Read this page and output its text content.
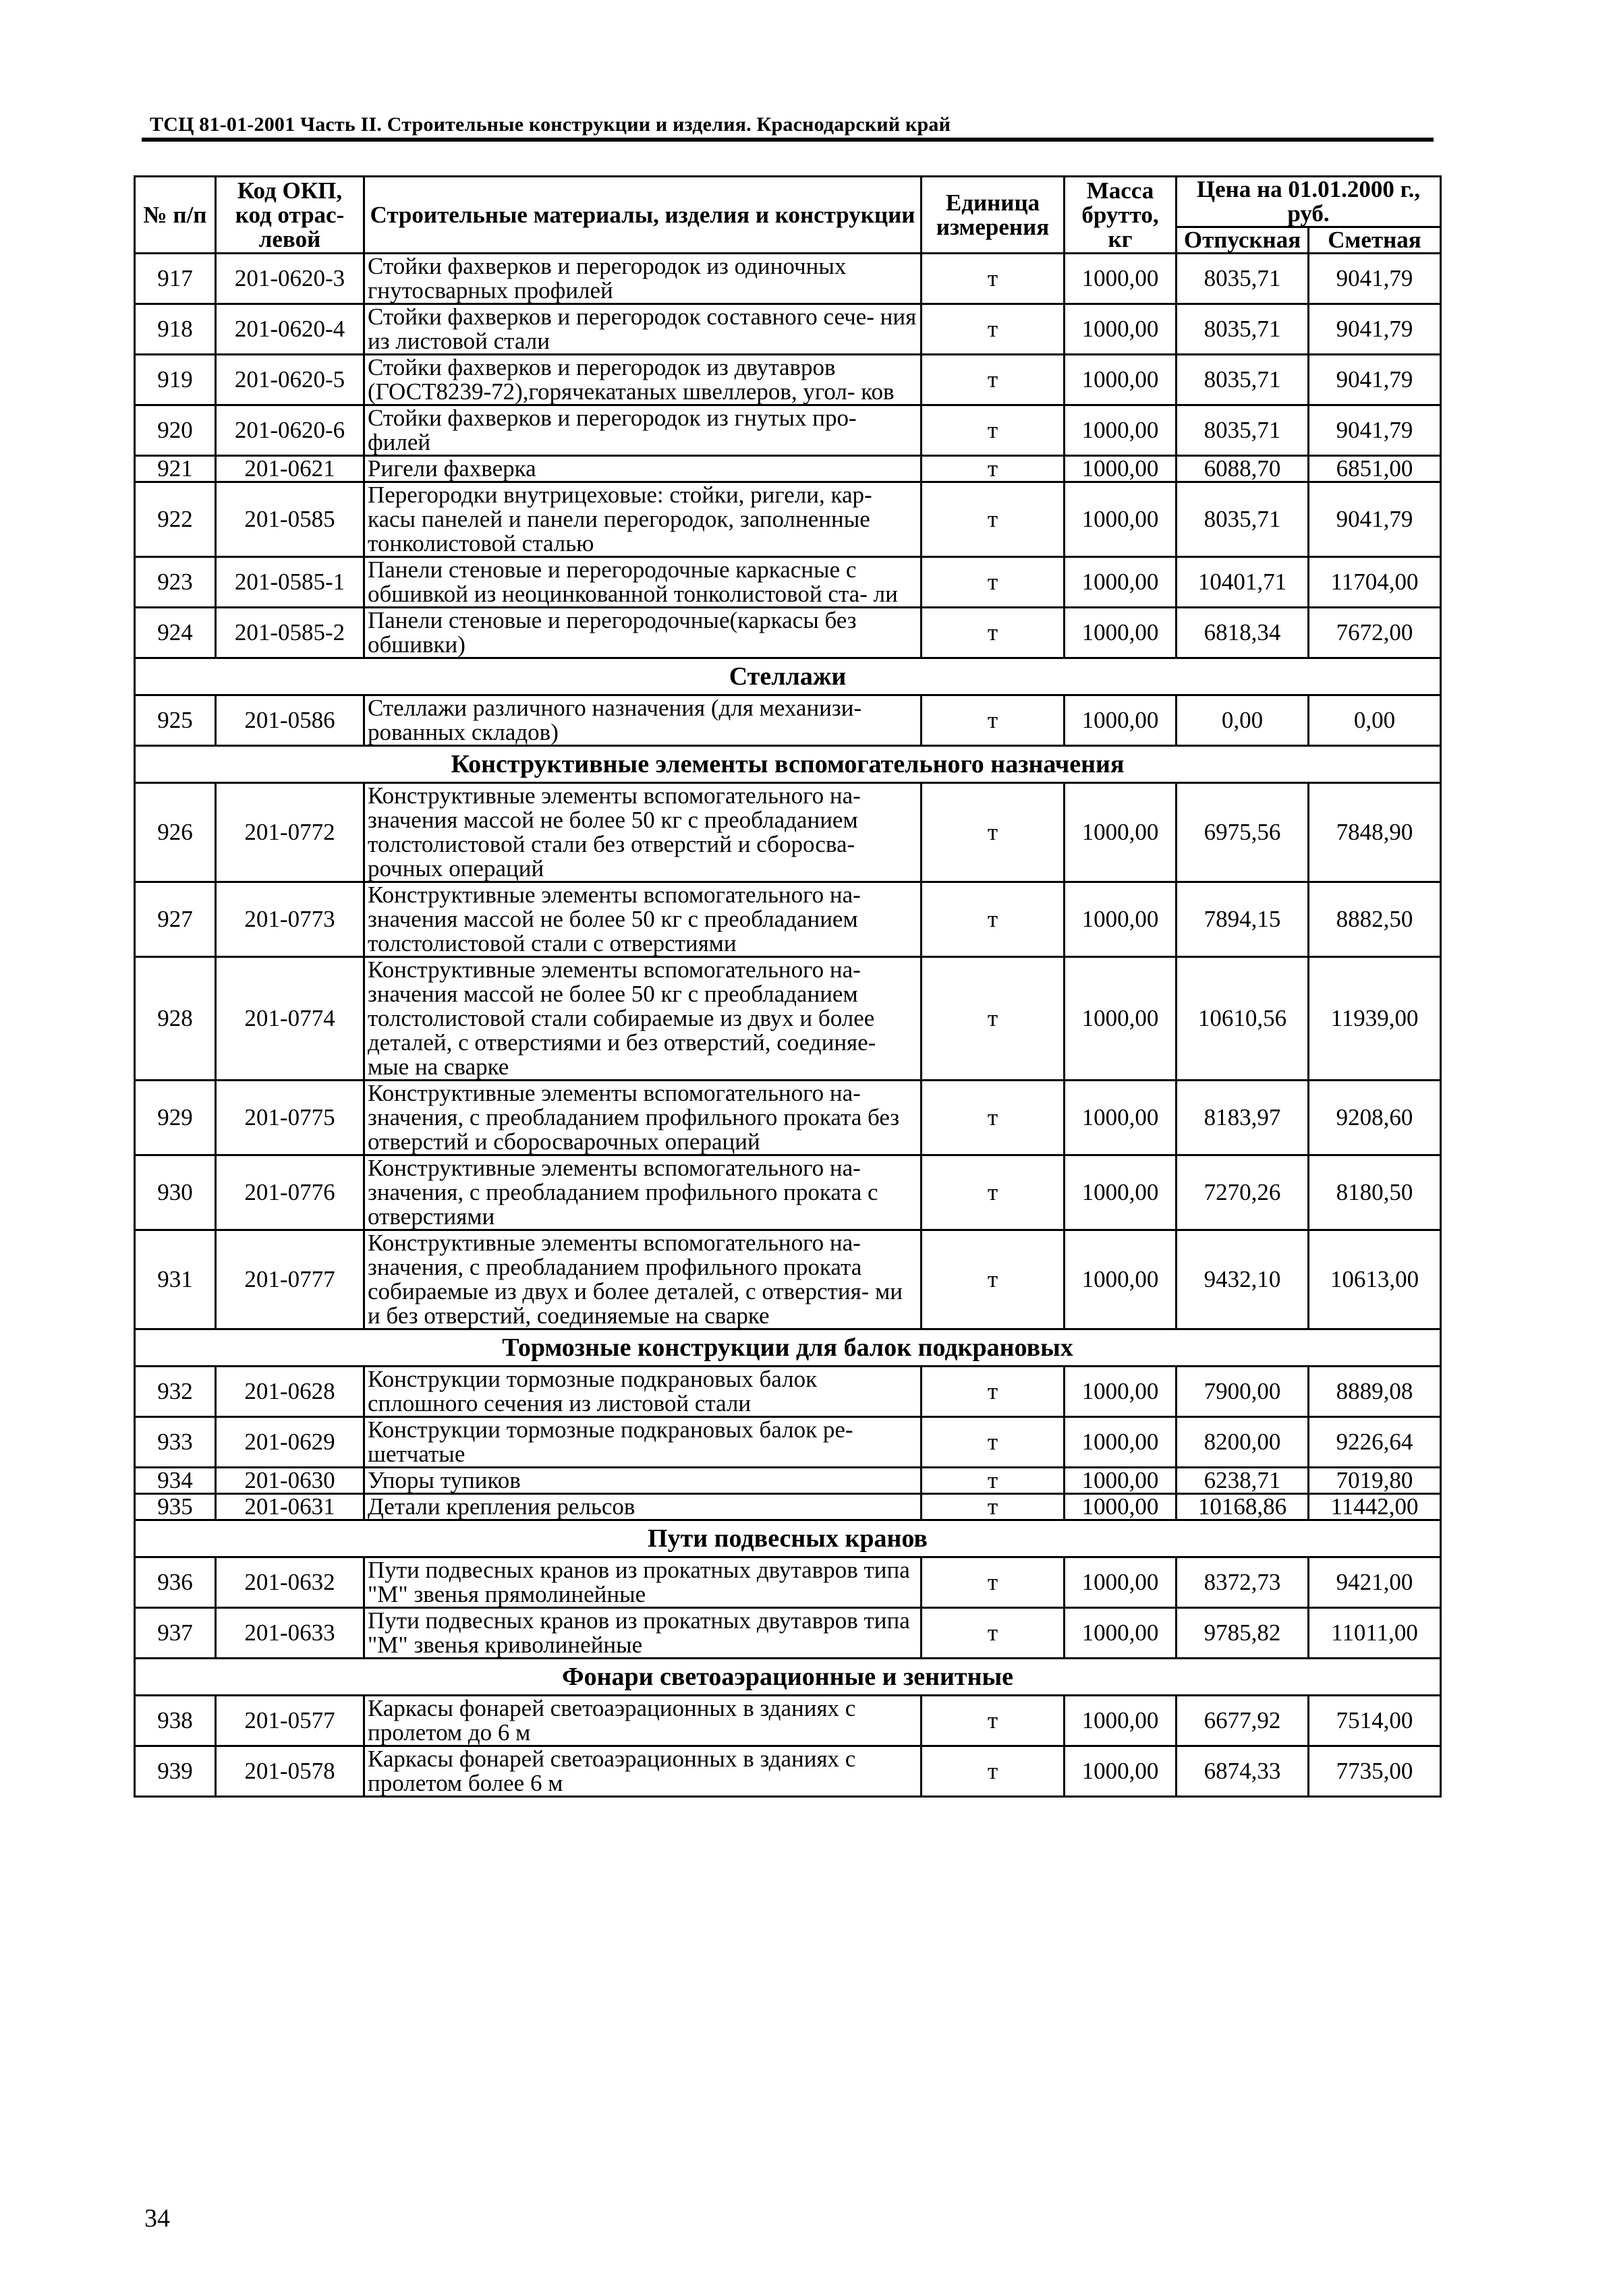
ТСЦ 81-01-2001 Часть II. Строительные конструкции и изделия. Краснодарский край
№ п/п	Код ОКП, код отрас- левой	Строительные материалы, изделия и конструкции	Единица измерения	Масса брутто, кг	Цена на 01.01.2000 г., руб.	
					Отпускная	Сметная
917	201-0620-3	Стойки фахверков и перегородок из одиночных гнутосварных профилей	т	1000,00	8035,71	9041,79
918	201-0620-4	Стойки фахверков и перегородок составного сече- ния из листовой стали	т	1000,00	8035,71	9041,79
919	201-0620-5	Стойки фахверков и перегородок из двутавров (ГОСТ8239-72),горячекатаных швеллеров, угол- ков	т	1000,00	8035,71	9041,79
920	201-0620-6	Стойки фахверков и перегородок из гнутых про- филей	т	1000,00	8035,71	9041,79
921	201-0621	Ригели фахверка	т	1000,00	6088,70	6851,00
922	201-0585	Перегородки внутрицеховые: стойки, ригели, кар- касы панелей и панели перегородок, заполненные тонколистовой сталью	т	1000,00	8035,71	9041,79
923	201-0585-1	Панели стеновые и перегородочные каркасные с обшивкой из неоцинкованной тонколистовой ста- ли	т	1000,00	10401,71	11704,00
924	201-0585-2	Панели стеновые и перегородочные(каркасы без обшивки)	т	1000,00	6818,34	7672,00
Стеллажи						
925	201-0586	Стеллажи различного назначения (для механизи- рованных складов)	т	1000,00	0,00	0,00
Конструктивные элементы вспомогательного назначения						
926	201-0772	Конструктивные элементы вспомогательного на- значения массой не более 50 кг с преобладанием толстолистовой стали без отверстий и сборосва- рочных операций	т	1000,00	6975,56	7848,90
927	201-0773	Конструктивные элементы вспомогательного на- значения массой не более 50 кг с преобладанием толстолистовой стали с отверстиями	т	1000,00	7894,15	8882,50
928	201-0774	Конструктивные элементы вспомогательного на- значения массой не более 50 кг с преобладанием толстолистовой стали собираемые из двух и более деталей, с отверстиями и без отверстий, соединяе- мые на сварке	т	1000,00	10610,56	11939,00
929	201-0775	Конструктивные элементы вспомогательного на- значения, с преобладанием профильного проката без отверстий и сборосварочных операций	т	1000,00	8183,97	9208,60
930	201-0776	Конструктивные элементы вспомогательного на- значения, с преобладанием профильного проката с отверстиями	т	1000,00	7270,26	8180,50
931	201-0777	Конструктивные элементы вспомогательного на- значения, с преобладанием профильного проката собираемые из двух и более деталей, с отверстия- ми и без отверстий, соединяемые на сварке	т	1000,00	9432,10	10613,00
Тормозные конструкции для балок подкрановых						
932	201-0628	Конструкции тормозные подкрановых балок сплошного сечения из листовой стали	т	1000,00	7900,00	8889,08
933	201-0629	Конструкции тормозные подкрановых балок ре- шетчатые	т	1000,00	8200,00	9226,64
934	201-0630	Упоры тупиков	т	1000,00	6238,71	7019,80
935	201-0631	Детали крепления рельсов	т	1000,00	10168,86	11442,00
Пути подвесных кранов						
936	201-0632	Пути подвесных кранов из прокатных двутавров типа "М" звенья прямолинейные	т	1000,00	8372,73	9421,00
937	201-0633	Пути подвесных кранов из прокатных двутавров типа "М" звенья криволинейные	т	1000,00	9785,82	11011,00
Фонари светоаэрационные и зенитные						
938	201-0577	Каркасы фонарей светоаэрационных в зданиях с пролетом до 6 м	т	1000,00	6677,92	7514,00
939	201-0578	Каркасы фонарей светоаэрационных в зданиях с пролетом более 6 м	т	1000,00	6874,33	7735,00
34
